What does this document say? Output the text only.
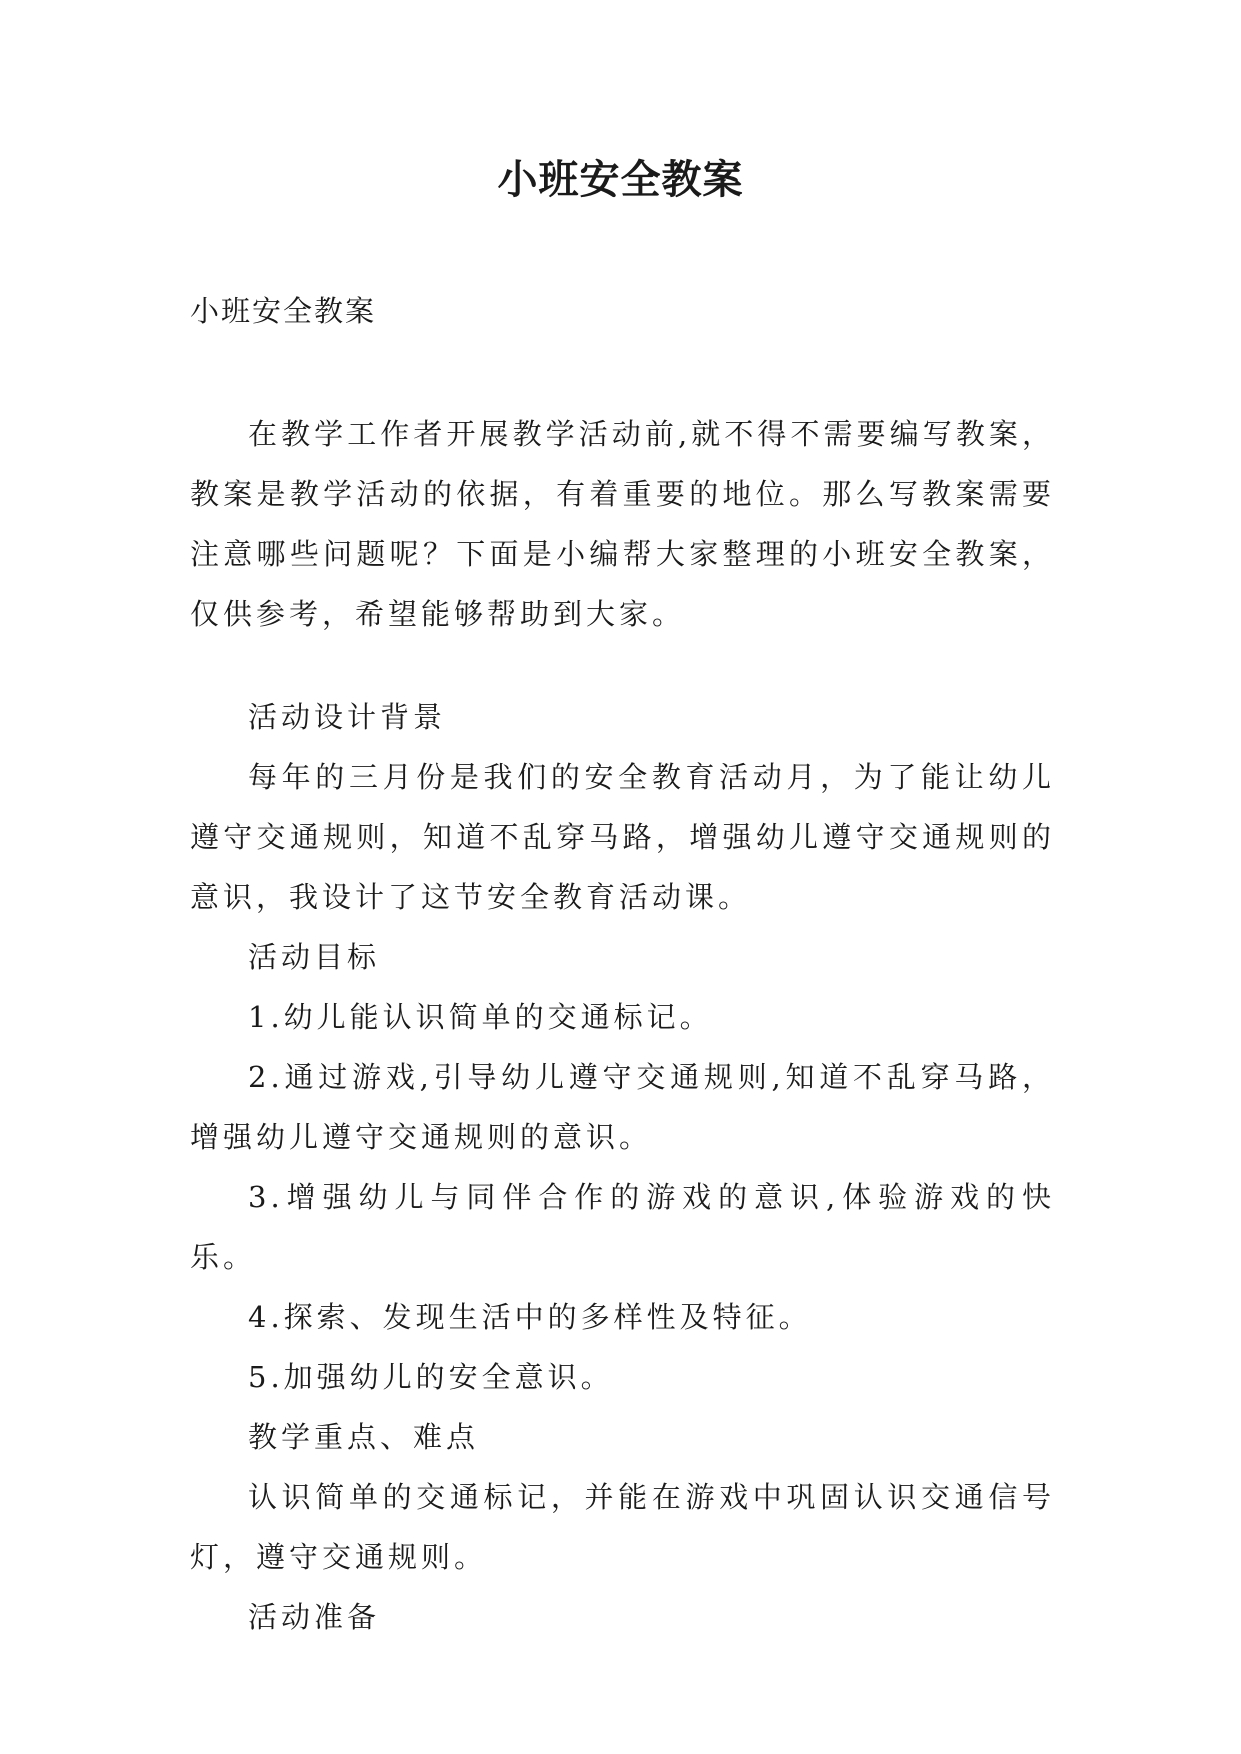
小班安全教案
小班安全教案

在教学工作者开展教学活动前,就不得不需要编写教案，教案是教学活动的依据，有着重要的地位。那么写教案需要注意哪些问题呢？下面是小编帮大家整理的小班安全教案，仅供参考，希望能够帮助到大家。

活动设计背景

每年的三月份是我们的安全教育活动月，为了能让幼儿遵守交通规则，知道不乱穿马路，增强幼儿遵守交通规则的意识，我设计了这节安全教育活动课。

活动目标

1.幼儿能认识简单的交通标记。

2.通过游戏,引导幼儿遵守交通规则,知道不乱穿马路，增强幼儿遵守交通规则的意识。

3.增强幼儿与同伴合作的游戏的意识,体验游戏的快乐。

4.探索、发现生活中的多样性及特征。

5.加强幼儿的安全意识。

教学重点、难点

认识简单的交通标记，并能在游戏中巩固认识交通信号灯，遵守交通规则。

活动准备
